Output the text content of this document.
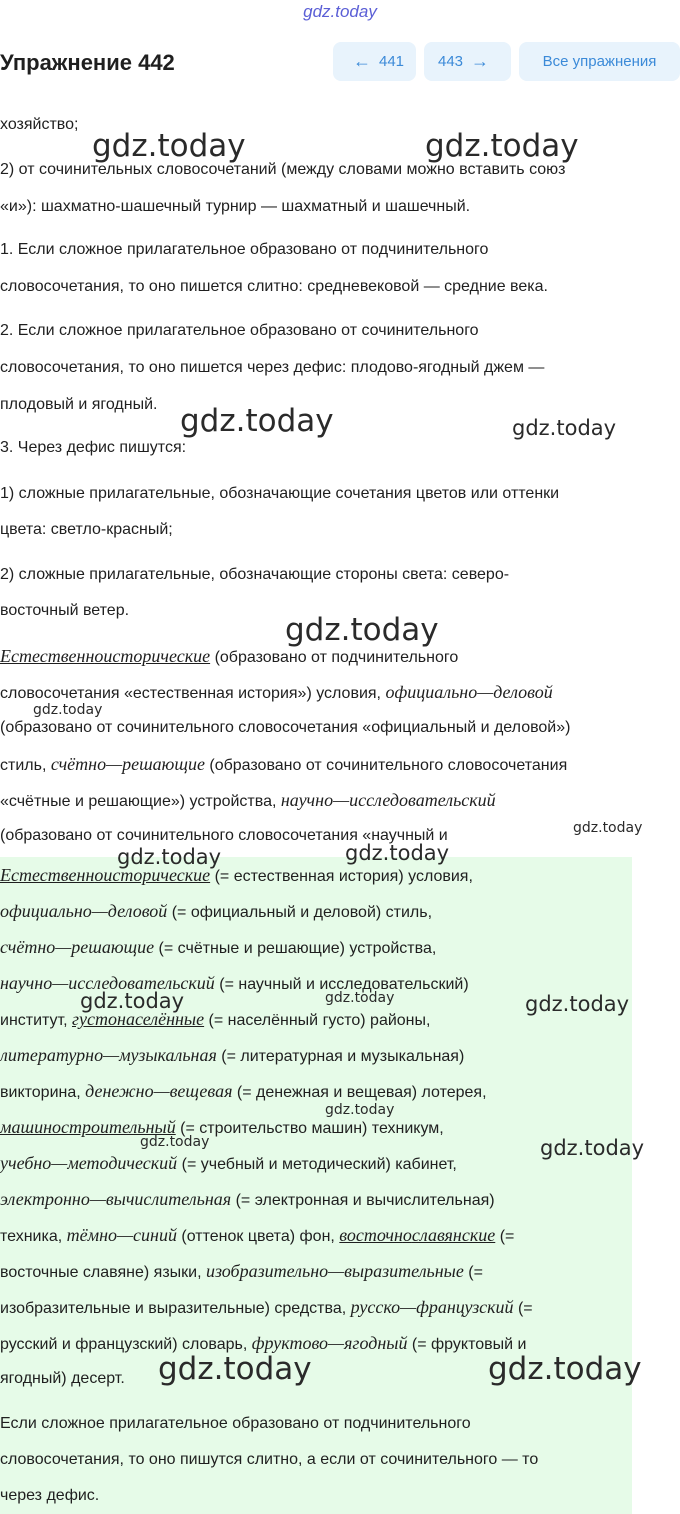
gdz.today
Упражнение 442	← 441 443 →	Все упражнения
хозяйство;
2) от сочинительных словосочетаний (между словами можно вставить союз
«и»): шахматно-шашечный турнир — шахматный и шашечный.
1. Если сложное прилагательное образовано от подчинительного
словосочетания, то оно пишется слитно: средневековой — средние века.
2. Если сложное прилагательное образовано от сочинительного
словосочетания, то оно пишется через дефис: плодово-ягодный джем —
плодовый и ягодный.
3. Через дефис пишутся:
1) сложные прилагательные, обозначающие сочетания цветов или оттенки
цвета: светло-красный;
2) сложные прилагательные, обозначающие стороны света: северо-
восточный ветер.
Естественноисторические (образовано от подчинительного
словосочетания «естественная история») условия, официально—деловой
(образовано от сочинительного словосочетания «официальный и деловой»)
стиль, счётно—решающие (образовано от сочинительного словосочетания
«счётные и решающие») устройства, научно—исследовательский
(образовано от сочинительного словосочетания «научный и
Естественноисторические (= естественная история) условия,
официально—деловой (= официальный и деловой) стиль,
счётно—решающие (= счётные и решающие) устройства,
научно—исследовательский (= научный и исследовательский)
институт, густонаселённые (= населённый густо) районы,
литературно—музыкальная (= литературная и музыкальная)
викторина, денежно—вещевая (= денежная и вещевая) лотерея,
машиностроительный (= строительство машин) техникум,
учебно—методический (= учебный и методический) кабинет,
электронно—вычислительная (= электронная и вычислительная)
техника, тёмно—синий (оттенок цвета) фон, восточнославянские (=
восточные славяне) языки, изобразительно—выразительные (=
изобразительные и выразительные) средства, русско—французский (=
русский и французский) словарь, фруктово—ягодный (= фруктовый и
ягодный) десерт.
Если сложное прилагательное образовано от подчинительного
словосочетания, то оно пишутся слитно, а если от сочинительного — то
через дефис.
gdz.today	gdz.today
gdz.today	gdz.today
gdz.today
gdz.today
gdz.today
gdz.today	gdz.today
gdz.today	gdz.today	gdz.today
gdz.today
gdz.today	gdz.today
gdz.today	gdz.today
